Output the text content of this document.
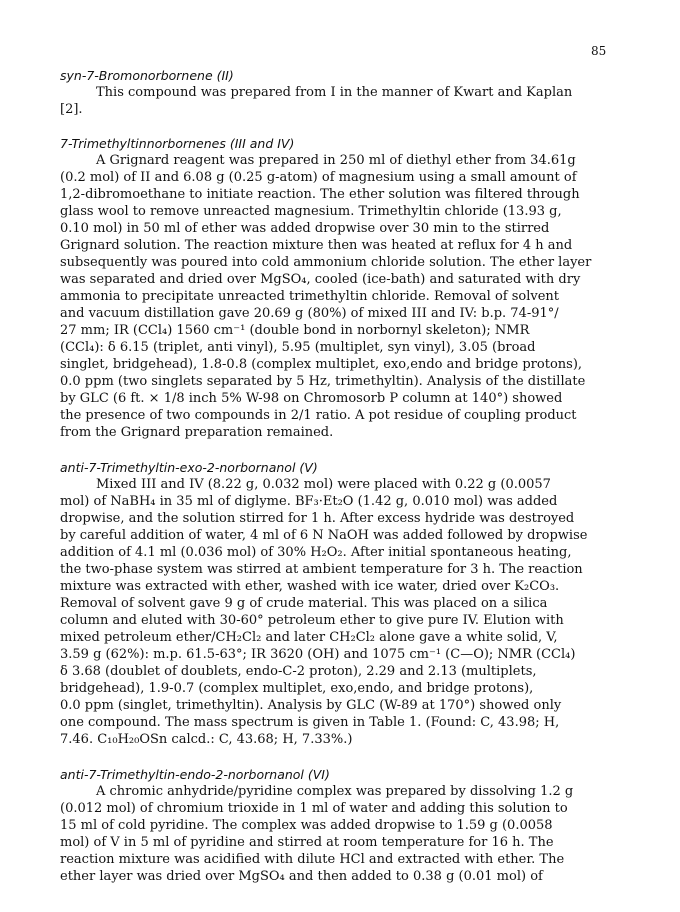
85
syn-7-Bromonorbornene (II)
This compound was prepared from I in the manner of Kwart and Kaplan
[2].
7-Trimethyltinnorbornenes (III and IV)
A Grignard reagent was prepared in 250 ml of diethyl ether from 34.61g
(0.2 mol) of II and 6.08 g (0.25 g-atom) of magnesium using a small amount of
1,2-dibromoethane to initiate reaction. The ether solution was filtered through
glass wool to remove unreacted magnesium. Trimethyltin chloride (13.93 g,
0.10 mol) in 50 ml of ether was added dropwise over 30 min to the stirred
Grignard solution. The reaction mixture then was heated at reflux for 4 h and
subsequently was poured into cold ammonium chloride solution. The ether layer
was separated and dried over MgSO₄, cooled (ice-bath) and saturated with dry
ammonia to precipitate unreacted trimethyltin chloride. Removal of solvent
and vacuum distillation gave 20.69 g (80%) of mixed III and IV: b.p. 74-91°/
27 mm; IR (CCl₄) 1560 cm⁻¹ (double bond in norbornyl skeleton); NMR
(CCl₄): δ 6.15 (triplet, anti vinyl), 5.95 (multiplet, syn vinyl), 3.05 (broad
singlet, bridgehead), 1.8-0.8 (complex multiplet, exo,endo and bridge protons),
0.0 ppm (two singlets separated by 5 Hz, trimethyltin). Analysis of the distillate
by GLC (6 ft. × 1/8 inch 5% W-98 on Chromosorb P column at 140°) showed
the presence of two compounds in 2/1 ratio. A pot residue of coupling product
from the Grignard preparation remained.
anti-7-Trimethyltin-exo-2-norbornanol (V)
Mixed III and IV (8.22 g, 0.032 mol) were placed with 0.22 g (0.0057
mol) of NaBH₄ in 35 ml of diglyme. BF₃·Et₂O (1.42 g, 0.010 mol) was added
dropwise, and the solution stirred for 1 h. After excess hydride was destroyed
by careful addition of water, 4 ml of 6 N NaOH was added followed by dropwise
addition of 4.1 ml (0.036 mol) of 30% H₂O₂. After initial spontaneous heating,
the two-phase system was stirred at ambient temperature for 3 h. The reaction
mixture was extracted with ether, washed with ice water, dried over K₂CO₃.
Removal of solvent gave 9 g of crude material. This was placed on a silica
column and eluted with 30-60° petroleum ether to give pure IV. Elution with
mixed petroleum ether/CH₂Cl₂ and later CH₂Cl₂ alone gave a white solid, V,
3.59 g (62%): m.p. 61.5-63°; IR 3620 (OH) and 1075 cm⁻¹ (C—O); NMR (CCl₄)
δ 3.68 (doublet of doublets, endo-C-2 proton), 2.29 and 2.13 (multiplets,
bridgehead), 1.9-0.7 (complex multiplet, exo,endo, and bridge protons),
0.0 ppm (singlet, trimethyltin). Analysis by GLC (W-89 at 170°) showed only
one compound. The mass spectrum is given in Table 1. (Found: C, 43.98; H,
7.46. C₁₀H₂₀OSn calcd.: C, 43.68; H, 7.33%.)
anti-7-Trimethyltin-endo-2-norbornanol (VI)
A chromic anhydride/pyridine complex was prepared by dissolving 1.2 g
(0.012 mol) of chromium trioxide in 1 ml of water and adding this solution to
15 ml of cold pyridine. The complex was added dropwise to 1.59 g (0.0058
mol) of V in 5 ml of pyridine and stirred at room temperature for 16 h. The
reaction mixture was acidified with dilute HCl and extracted with ether. The
ether layer was dried over MgSO₄ and then added to 0.38 g (0.01 mol) of
